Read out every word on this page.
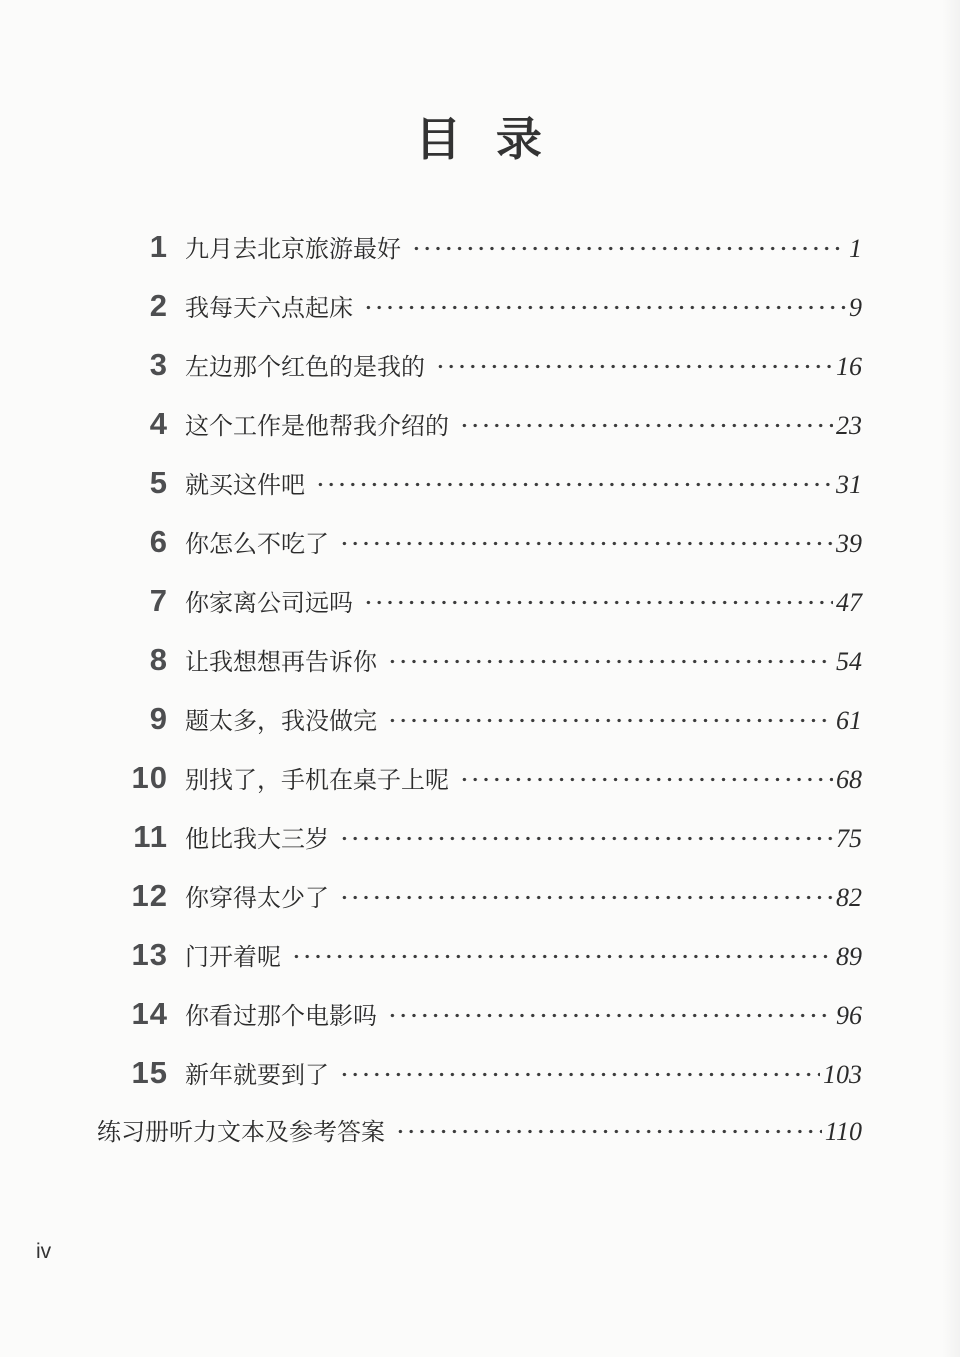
目 录
1 九月去北京旅游最好	1
2 我每天六点起床	9
3 左边那个红色的是我的	16
4 这个工作是他帮我介绍的	23
5 就买这件吧	31
6 你怎么不吃了	39
7 你家离公司远吗	47
8 让我想想再告诉你	54
9 题太多，我没做完	61
10 别找了，手机在桌子上呢	68
11 他比我大三岁	75
12 你穿得太少了	82
13 门开着呢	89
14 你看过那个电影吗	96
15 新年就要到了	103
练习册听力文本及参考答案	110
iv
